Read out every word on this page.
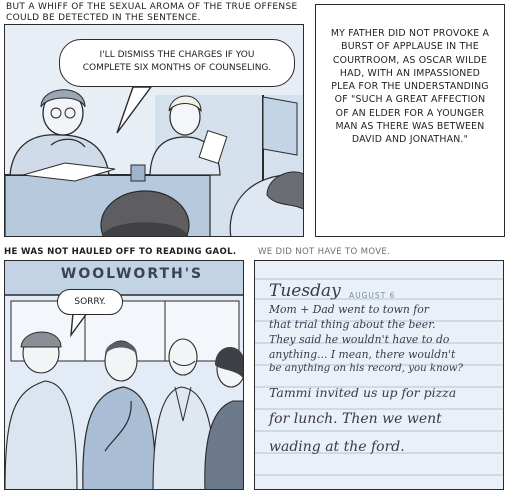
BUT A WHIFF OF THE SEXUAL AROMA OF THE TRUE OFFENSE COULD BE DETECTED IN THE SENTENCE.
I'LL DISMISS THE CHARGES IF YOU COMPLETE SIX MONTHS OF COUNSELING.
MY FATHER DID NOT PROVOKE A BURST OF APPLAUSE IN THE COURTROOM, AS OSCAR WILDE HAD, WITH AN IMPASSIONED PLEA FOR THE UNDERSTANDING OF "SUCH A GREAT AFFECTION OF AN ELDER FOR A YOUNGER MAN AS THERE WAS BETWEEN DAVID AND JONATHAN."
HE WAS NOT HAULED OFF TO READING GAOL.
WOOLWORTH'S
SORRY.
WE DID NOT HAVE TO MOVE.
Tuesday AUGUST 6
Mom + Dad went to town for
that trial thing about the beer.
They said he wouldn't have to do
anything... I mean, there wouldn't
be anything on his record, you know?
Tammi invited us up for pizza
for lunch. Then we went
wading at the ford.
